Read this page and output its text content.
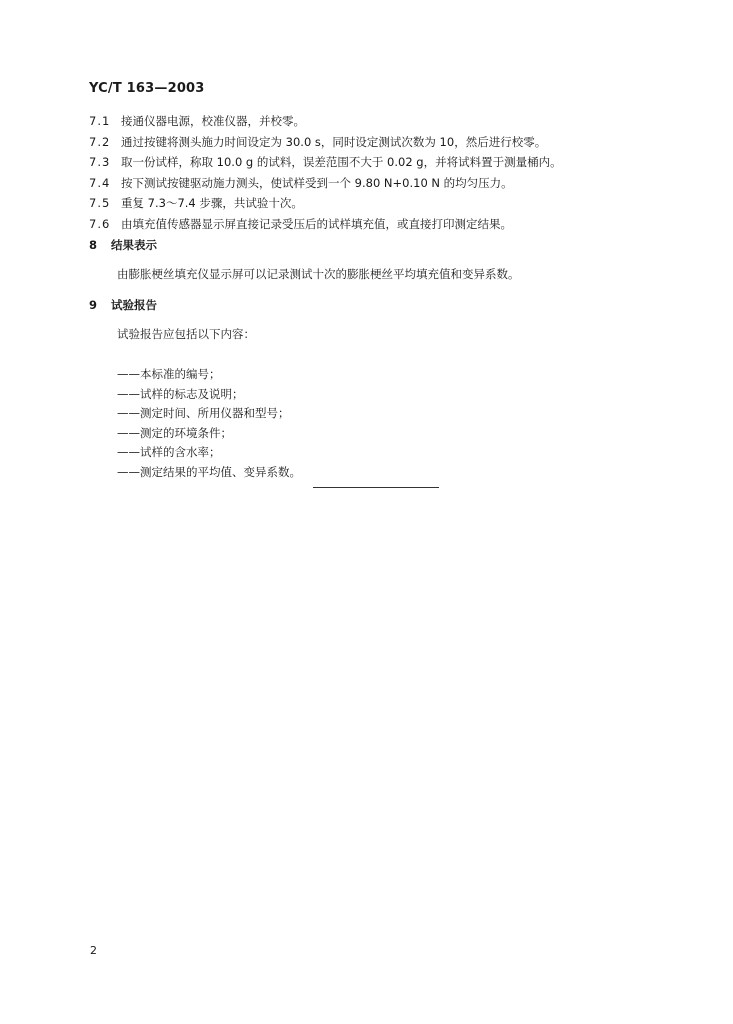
YC/T 163—2003
7.1 接通仪器电源，校准仪器，并校零。
7.2 通过按键将测头施力时间设定为 30.0 s，同时设定测试次数为 10，然后进行校零。
7.3 取一份试样，称取 10.0 g 的试料，误差范围不大于 0.02 g，并将试料置于测量桶内。
7.4 按下测试按键驱动施力测头，使试样受到一个 9.80 N+0.10 N 的均匀压力。
7.5 重复 7.3～7.4 步骤，共试验十次。
7.6 由填充值传感器显示屏直接记录受压后的试样填充值，或直接打印测定结果。
8 结果表示
由膨胀梗丝填充仪显示屏可以记录测试十次的膨胀梗丝平均填充值和变异系数。
9 试验报告
试验报告应包括以下内容：
——本标准的编号；
——试样的标志及说明；
——测定时间、所用仪器和型号；
——测定的环境条件；
——试样的含水率；
——测定结果的平均值、变异系数。
2
